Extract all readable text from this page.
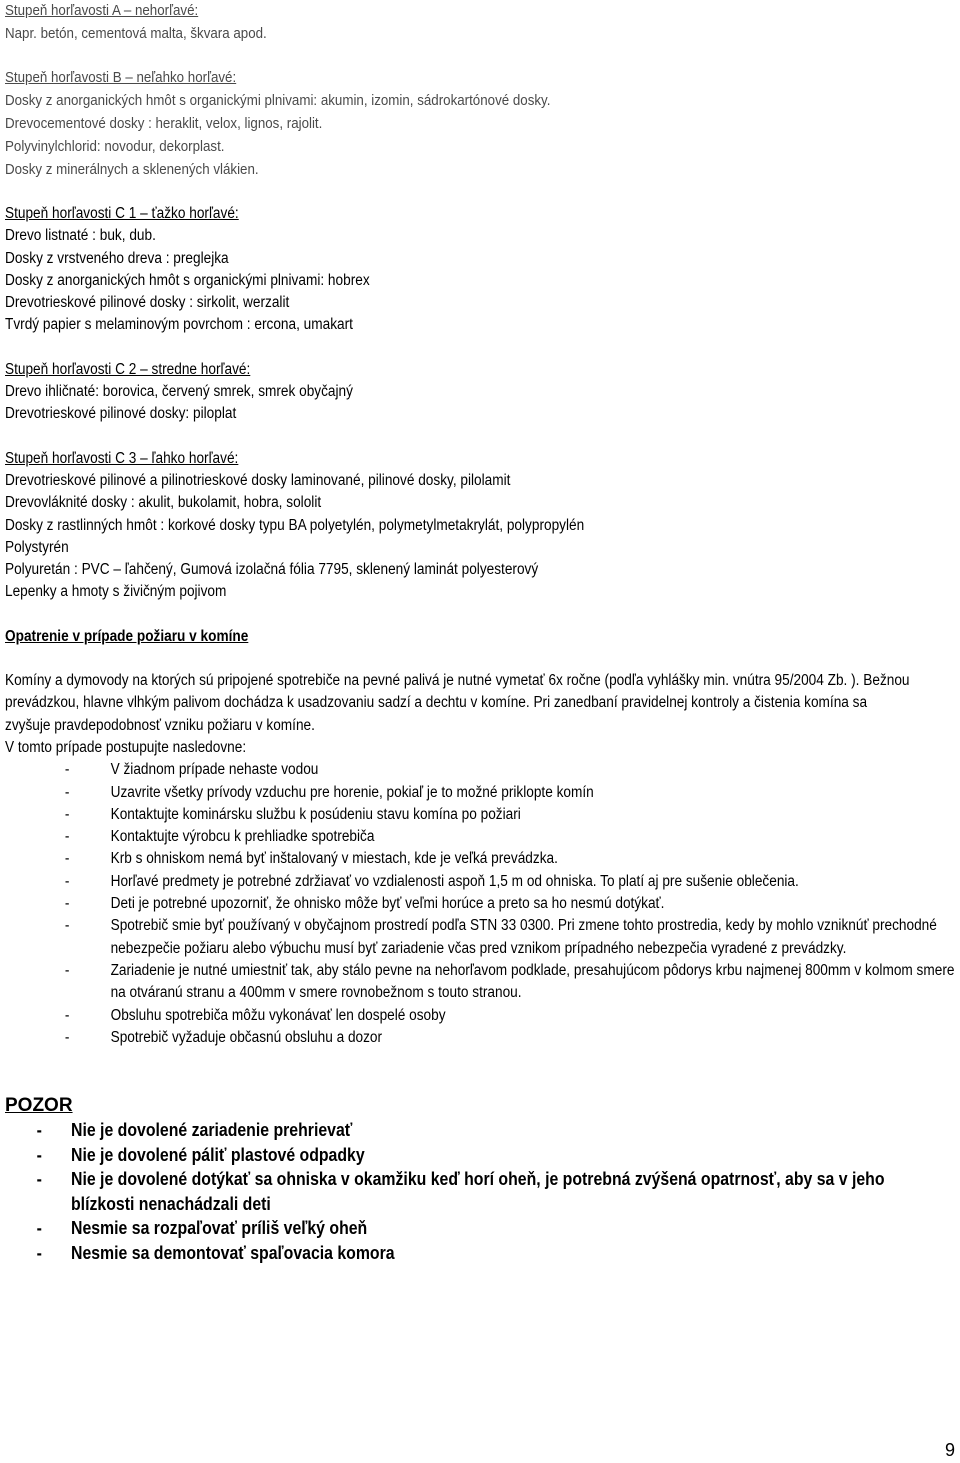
Stupeň horľavosti A – nehorľavé:

Napr. betón, cementová malta, škvara apod.

Stupeň horľavosti B – neľahko horľavé:

Dosky z anorganických hmôt s organickými plnivami: akumin, izomin, sádrokartónové dosky.

Drevocementové dosky : heraklit, velox, lignos, rajolit.

Polyvinylchlorid: novodur, dekorplast.

Dosky z minerálnych a sklenených vlákien.

Stupeň horľavosti C 1 – ťažko horľavé:

Drevo listnaté : buk, dub.

Dosky z vrstveného dreva : preglejka

Dosky z anorganických hmôt s organickými plnivami: hobrex

Drevotrieskové pilinové dosky : sirkolit, werzalit

Tvrdý papier s melaminovým povrchom : ercona, umakart

Stupeň horľavosti C 2 – stredne horľavé:

Drevo ihličnaté: borovica, červený smrek, smrek obyčajný

Drevotrieskové pilinové dosky: piloplat

Stupeň horľavosti C 3 – ľahko horľavé:

Drevotrieskové pilinové a pilinotrieskové dosky laminované, pilinové dosky, pilolamit

Drevovláknité dosky : akulit, bukolamit, hobra, sololit

Dosky z rastlinných hmôt : korkové dosky typu BA polyetylén, polymetylmetakrylát, polypropylén

Polystyrén

Polyuretán : PVC – ľahčený, Gumová izolačná fólia 7795, sklenený laminát polyesterový

Lepenky a hmoty s živičným pojivom

Opatrenie v prípade požiaru v komíne

Komíny a dymovody na ktorých sú pripojené spotrebiče na pevné palivá je nutné vymetať 6x ročne (podľa vyhlášky min. vnútra 95/2004 Zb. ). Bežnou prevádzkou, hlavne vlhkým palivom dochádza k usadzovaniu sadzí a dechtu v komíne. Pri zanedbaní pravidelnej kontroly a čistenia komína sa zvyšuje pravdepodobnosť vzniku požiaru v komíne.

V tomto prípade postupujte nasledovne:

-	V žiadnom prípade nehaste vodou
-	Uzavrite všetky prívody vzduchu pre horenie, pokiaľ je to možné priklopte komín
-	Kontaktujte kominársku službu k posúdeniu stavu komína po požiari
-	Kontaktujte výrobcu k prehliadke spotrebiča
-	Krb s ohniskom nemá byť inštalovaný v miestach, kde je veľká prevádzka.
-	Horľavé predmety je potrebné zdržiavať vo vzdialenosti aspoň 1,5 m od ohniska. To platí aj pre sušenie oblečenia.
-	Deti je potrebné upozorniť, že ohnisko môže byť veľmi horúce a preto sa ho nesmú dotýkať.
-	Spotrebič smie byť používaný v obyčajnom prostredí podľa STN 33 0300. Pri zmene tohto prostredia, kedy by mohlo vzniknúť prechodné nebezpečie požiaru alebo výbuchu musí byť zariadenie včas pred vznikom prípadného nebezpečia vyradené z prevádzky.
-	Zariadenie je nutné umiestniť tak, aby stálo pevne na nehorľavom podklade, presahujúcom pôdorys krbu najmenej 800mm v kolmom smere na otváranú stranu a 400mm v smere rovnobežnom s touto stranou.
-	Obsluhu spotrebiča môžu vykonávať len dospelé osoby
-	Spotrebič vyžaduje občasnú obsluhu a dozor
POZOR
- Nie je dovolené zariadenie prehrievať
- Nie je dovolené páliť plastové odpadky
- Nie je dovolené dotýkať sa ohniska v okamžiku keď horí oheň, je potrebná zvýšená opatrnosť, aby sa v jeho blízkosti nenachádzali deti
- Nesmie sa rozpaľovať príliš veľký oheň
- Nesmie sa demontovať spaľovacia komora
9
